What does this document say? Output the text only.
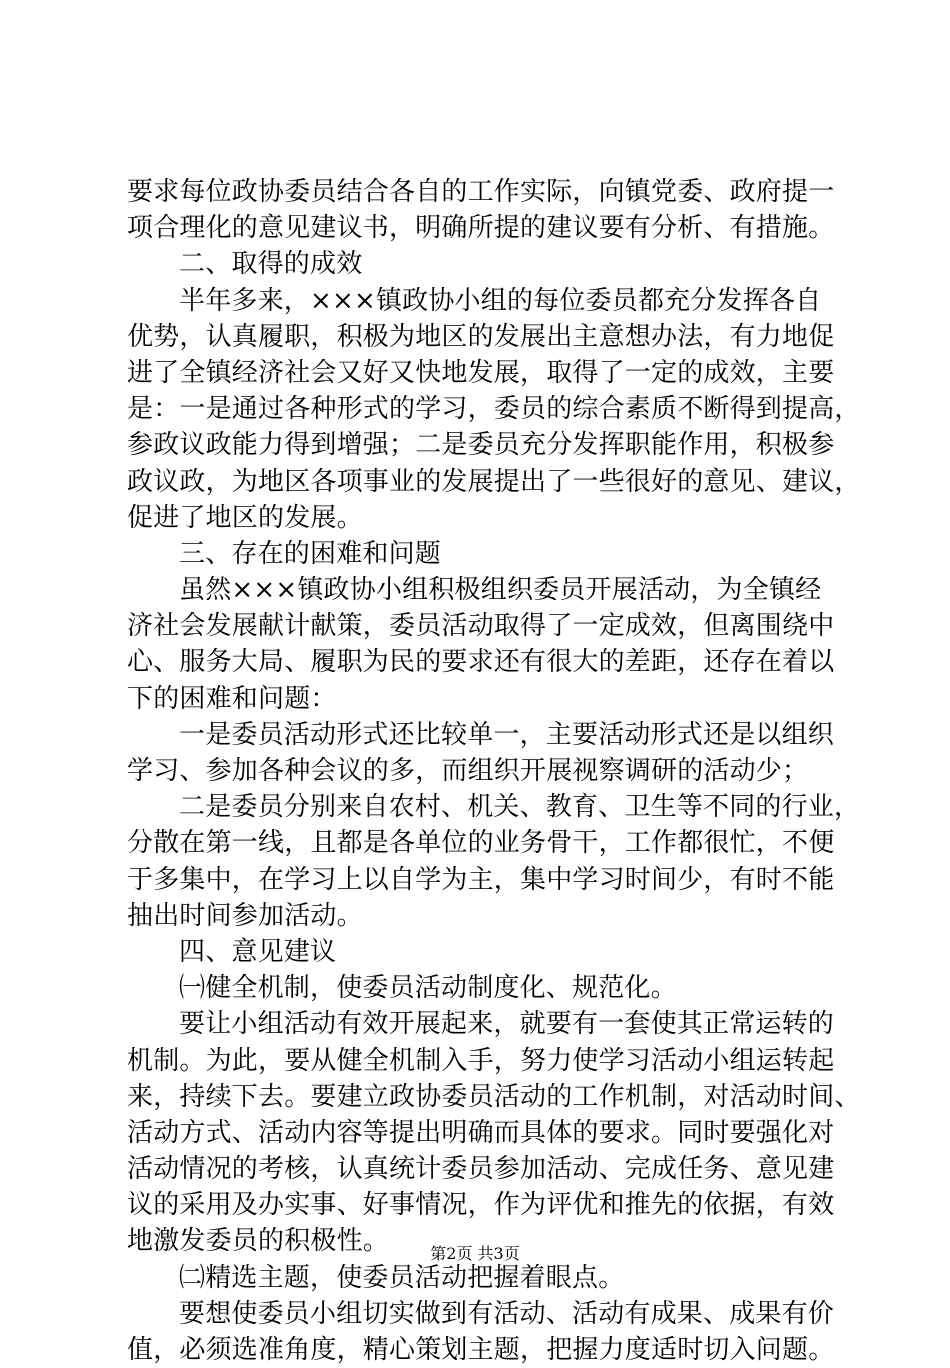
要求每位政协委员结合各自的工作实际，向镇党委、政府提一
项合理化的意见建议书，明确所提的建议要有分析、有措施。
二、取得的成效
半年多来，×××镇政协小组的每位委员都充分发挥各自
优势，认真履职，积极为地区的发展出主意想办法，有力地促
进了全镇经济社会又好又快地发展，取得了一定的成效，主要
是：一是通过各种形式的学习，委员的综合素质不断得到提高，
参政议政能力得到增强；二是委员充分发挥职能作用，积极参
政议政，为地区各项事业的发展提出了一些很好的意见、建议，
促进了地区的发展。
三、存在的困难和问题
虽然×××镇政协小组积极组织委员开展活动，为全镇经
济社会发展献计献策，委员活动取得了一定成效，但离围绕中
心、服务大局、履职为民的要求还有很大的差距，还存在着以
下的困难和问题：
一是委员活动形式还比较单一，主要活动形式还是以组织
学习、参加各种会议的多，而组织开展视察调研的活动少；
二是委员分别来自农村、机关、教育、卫生等不同的行业，
分散在第一线，且都是各单位的业务骨干，工作都很忙，不便
于多集中，在学习上以自学为主，集中学习时间少，有时不能
抽出时间参加活动。
四、意见建议
㈠健全机制，使委员活动制度化、规范化。
要让小组活动有效开展起来，就要有一套使其正常运转的
机制。为此，要从健全机制入手，努力使学习活动小组运转起
来，持续下去。要建立政协委员活动的工作机制，对活动时间、
活动方式、活动内容等提出明确而具体的要求。同时要强化对
活动情况的考核，认真统计委员参加活动、完成任务、意见建
议的采用及办实事、好事情况，作为评优和推先的依据，有效
地激发委员的积极性。
㈡精选主题，使委员活动把握着眼点。
要想使委员小组切实做到有活动、活动有成果、成果有价
值，必须选准角度，精心策划主题，把握力度适时切入问题。
第2页 共3页
